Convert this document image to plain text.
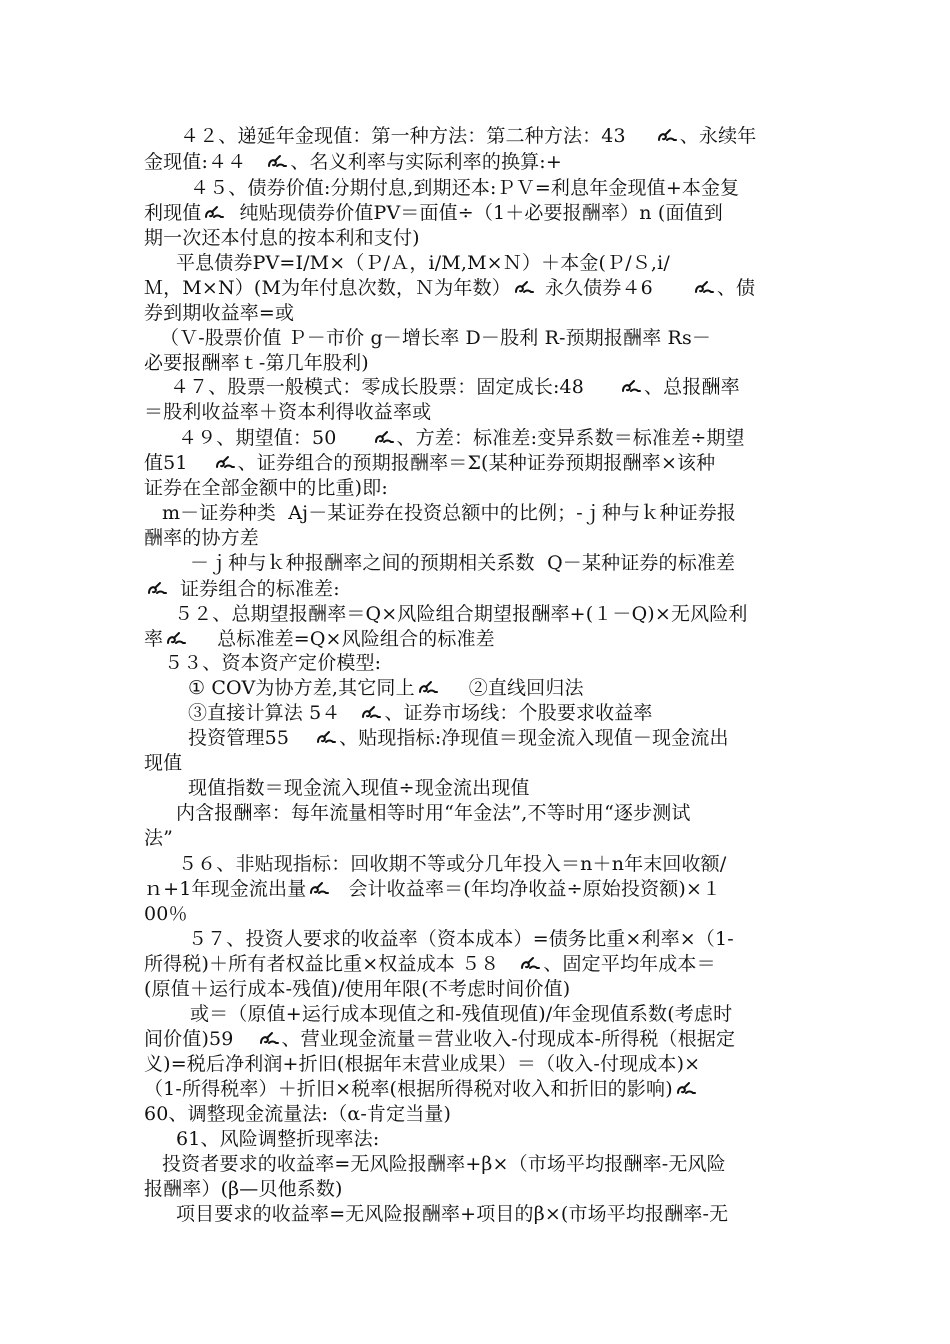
４２、递延年金现值：第一种方法：第二种方法：43	、永续年
金现值:４４ 、名义利率与实际利率的换算:+
４５、债券价值:分期付息,到期还本:ＰＶ=利息年金现值+本金复
利现值 纯贴现债券价值PV＝面值÷（1＋必要报酬率）n (面值到
期一次还本付息的按本利和支付)
平息债券PV=I/M×（Ｐ/Ａ，i/M,M×Ｎ）＋本金(Ｐ/Ｓ,i/
Ｍ，M×N）(M为年付息次数，Ｎ为年数） 永久债券４6	、债
券到期收益率=或
（Ｖ-股票价值 Ｐ－市价 g－增长率 D－股利 R-预期报酬率 Rs－
必要报酬率ｔ-第几年股利)
４７、股票一般模式：零成长股票：固定成长:48	、总报酬率
＝股利收益率＋资本利得收益率或
４９、期望值：50	、方差：标准差:变异系数＝标准差÷期望
值51	、证券组合的预期报酬率＝Σ(某种证券预期报酬率×该种
证券在全部金额中的比重)即:
m－证券种类  Aj－某证券在投资总额中的比例；-ｊ种与ｋ种证券报
酬率的协方差
－ｊ种与ｋ种报酬率之间的预期相关系数  Q－某种证券的标准差
证券组合的标准差:
５２、总期望报酬率＝Q×风险组合期望报酬率+(１－Q)×无风险利
率	总标准差=Q×风险组合的标准差
５３、资本资产定价模型:
① COV为协方差,其它同上	②直线回归法
③直接计算法 5４ 、证券市场线：个股要求收益率
投资管理55	、贴现指标:净现值＝现金流入现值－现金流出
现值
现值指数＝现金流入现值÷现金流出现值
内含报酬率：每年流量相等时用“年金法”,不等时用“逐步测试
法”
５６、非贴现指标：回收期不等或分几年投入＝n＋n年末回收额/
ｎ+1年现金流出量 会计收益率＝(年均净收益÷原始投资额)×１
00％
５７、投资人要求的收益率（资本成本）=债务比重×利率×（1-
所得税)＋所有者权益比重×权益成本 ５８ 、固定平均年成本＝
(原值＋运行成本-残值)/使用年限(不考虑时间价值)
或＝（原值+运行成本现值之和-残值现值)/年金现值系数(考虑时
间价值)59	、营业现金流量＝营业收入-付现成本-所得税（根据定
义)=税后净利润+折旧(根据年末营业成果）＝（收入-付现成本)×
（1-所得税率）＋折旧×税率(根据所得税对收入和折旧的影响)
60、调整现金流量法:（α-肯定当量)
61、风险调整折现率法:
投资者要求的收益率=无风险报酬率+β×（市场平均报酬率-无风险
报酬率）(β—贝他系数)
项目要求的收益率=无风险报酬率+项目的β×(市场平均报酬率-无
